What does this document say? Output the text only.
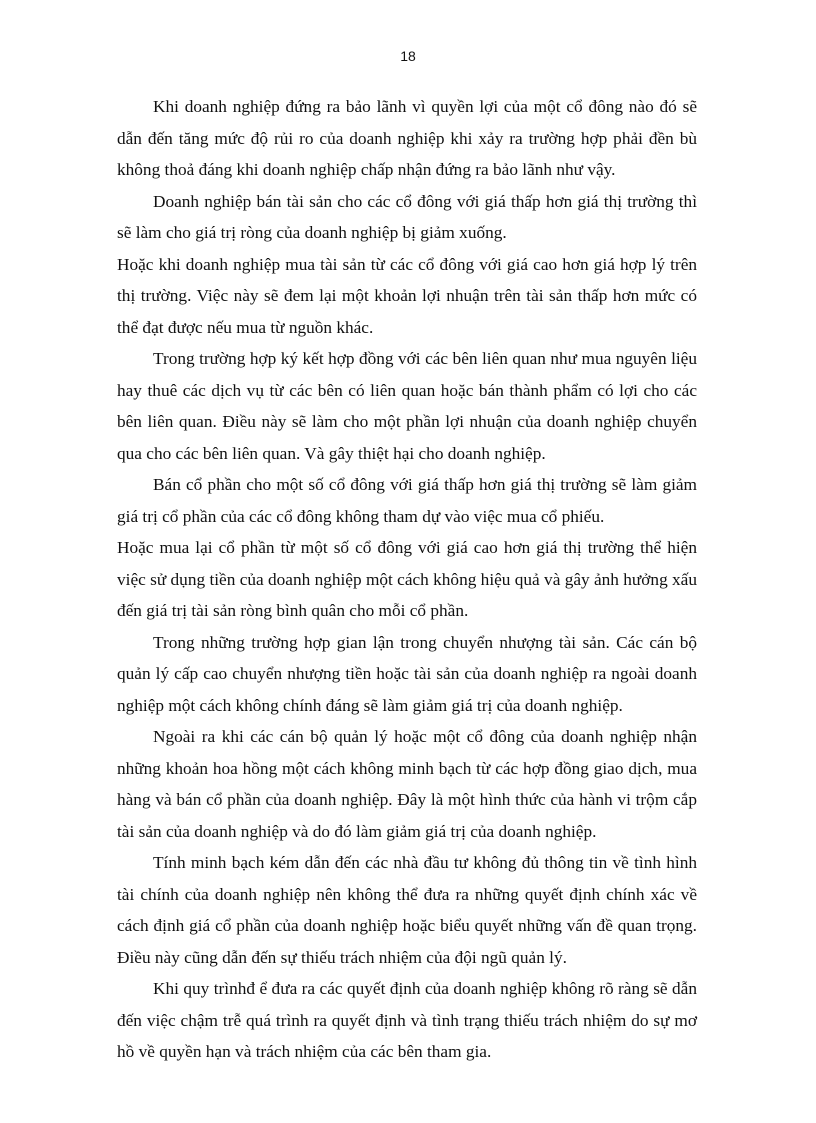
18

Khi doanh nghiệp đứng ra bảo lãnh vì quyền lợi của một cổ đông nào đó sẽ dẫn đến tăng mức độ rủi ro của doanh nghiệp khi xảy ra trường hợp phải đền bù không thoả đáng khi doanh nghiệp chấp nhận đứng ra bảo lãnh như vậy.

Doanh nghiệp bán tài sản cho các cổ đông với giá thấp hơn giá thị trường thì sẽ làm cho giá trị ròng của doanh nghiệp bị giảm xuống.

Hoặc khi doanh nghiệp mua tài sản từ các cổ đông với giá cao hơn giá hợp lý trên thị trường. Việc này sẽ đem lại một khoản lợi nhuận trên tài sản thấp hơn mức có thể đạt được nếu mua từ nguồn khác.

Trong trường hợp ký kết hợp đồng với các bên liên quan như mua nguyên liệu hay thuê các dịch vụ từ các bên có liên quan hoặc bán thành phẩm có lợi cho các bên liên quan. Điều này sẽ làm cho một phần lợi nhuận của doanh nghiệp chuyển qua cho các bên liên quan. Và gây thiệt hại cho doanh nghiệp.

Bán cổ phần cho một số cổ đông với giá thấp hơn giá thị trường sẽ làm giảm giá trị cổ phần của các cổ đông không tham dự vào việc mua cổ phiếu.

Hoặc mua lại cổ phần từ một số cổ đông với giá cao hơn giá thị trường thể hiện việc sử dụng tiền của doanh nghiệp một cách không hiệu quả và gây ảnh hưởng xấu đến giá trị tài sản ròng bình quân cho mỗi cổ phần.

Trong những trường hợp gian lận trong chuyển nhượng tài sản. Các cán bộ quản lý cấp cao chuyển nhượng tiền hoặc tài sản của doanh nghiệp ra ngoài doanh nghiệp một cách không chính đáng sẽ làm giảm giá trị của doanh nghiệp.

Ngoài ra khi các cán bộ quản lý hoặc một cổ đông của doanh nghiệp nhận những khoản hoa hồng một cách không minh bạch từ các hợp đồng giao dịch, mua hàng và bán cổ phần của doanh nghiệp. Đây là một hình thức của hành vi trộm cắp tài sản của doanh nghiệp và do đó làm giảm giá trị của doanh nghiệp.

Tính minh bạch kém dẫn đến các nhà đầu tư không đủ thông tin về tình hình tài chính của doanh nghiệp nên không thể đưa ra những quyết định chính xác về cách định giá cổ phần của doanh nghiệp hoặc biểu quyết những vấn đề quan trọng. Điều này cũng dẫn đến sự thiếu trách nhiệm của đội ngũ quản lý.

Khi quy trìnhđ ể đưa ra các quyết định của doanh nghiệp không rõ ràng sẽ dẫn đến việc chậm trễ quá trình ra quyết định và tình trạng thiếu trách nhiệm do sự mơ hồ về quyền hạn và trách nhiệm của các bên tham gia.
